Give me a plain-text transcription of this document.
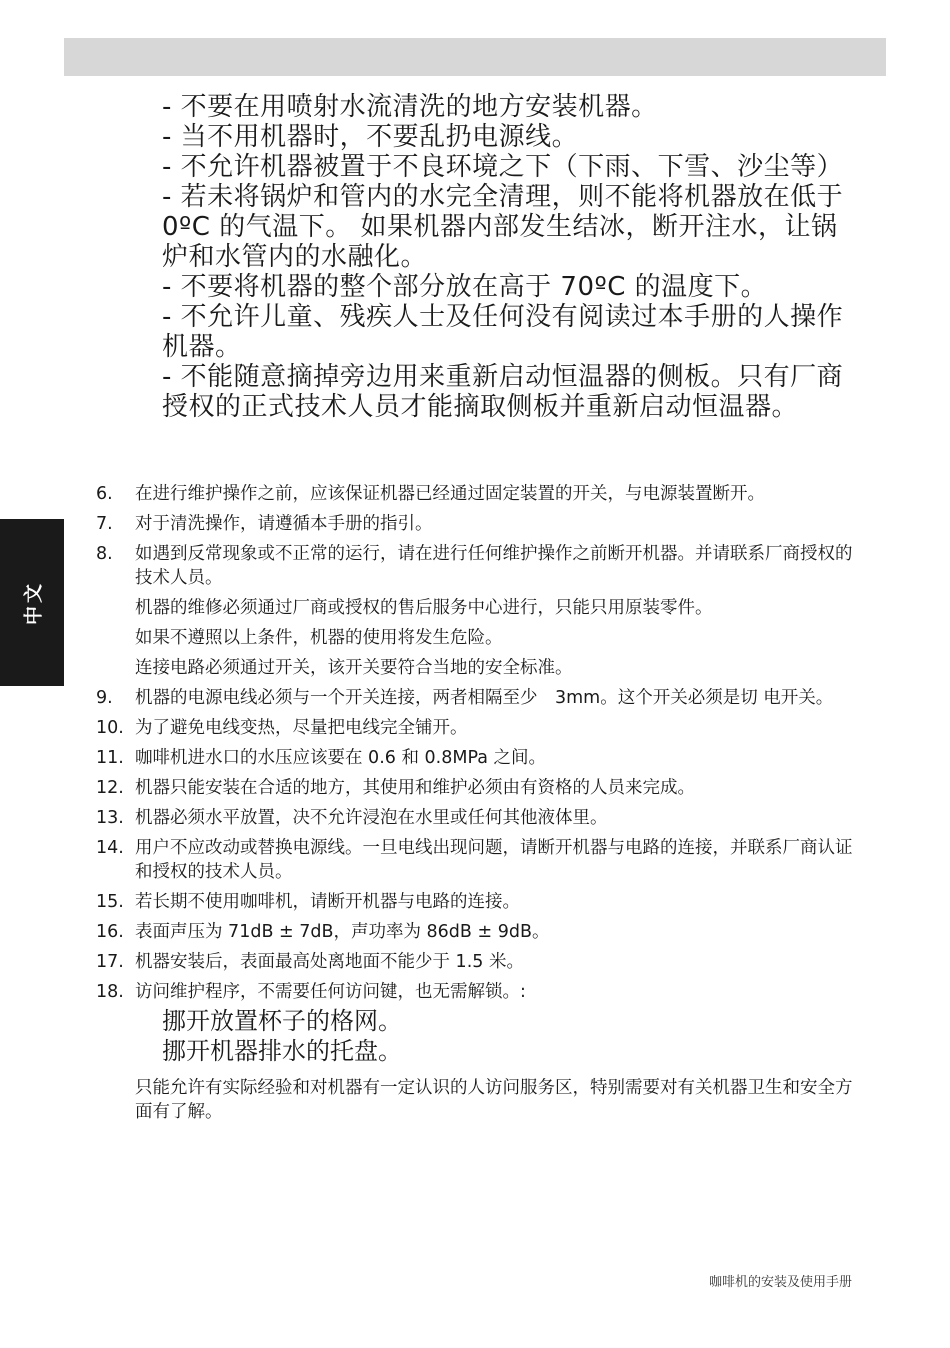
中文

- 不要在用喷射水流清洗的地方安装机器。

- 当不用机器时，不要乱扔电源线。

- 不允许机器被置于不良环境之下（下雨、下雪、沙尘等）

- 若未将锅炉和管内的水完全清理，则不能将机器放在低于 0ºC 的气温下。 如果机器内部发生结冰，断开注水，让锅炉和水管内的水融化。

- 不要将机器的整个部分放在高于 70ºC 的温度下。

- 不允许儿童、残疾人士及任何没有阅读过本手册的人操作机器。

- 不能随意摘掉旁边用来重新启动恒温器的侧板。只有厂商授权的正式技术人员才能摘取侧板并重新启动恒温器。

6. 在进行维护操作之前，应该保证机器已经通过固定装置的开关，与电源装置断开。
7. 对于清洗操作，请遵循本手册的指引。
8. 如遇到反常现象或不正常的运行，请在进行任何维护操作之前断开机器。并请联系厂商授权的技术人员。
机器的维修必须通过厂商或授权的售后服务中心进行，只能只用原装零件。
如果不遵照以上条件，机器的使用将发生危险。
连接电路必须通过开关，该开关要符合当地的安全标准。
9. 机器的电源电线必须与一个开关连接，两者相隔至少　3mm。这个开关必须是切 电开关。
10. 为了避免电线变热，尽量把电线完全铺开。
11. 咖啡机进水口的水压应该要在 0.6 和 0.8MPa 之间。
12. 机器只能安装在合适的地方，其使用和维护必须由有资格的人员来完成。
13. 机器必须水平放置，决不允许浸泡在水里或任何其他液体里。
14. 用户不应改动或替换电源线。一旦电线出现问题，请断开机器与电路的连接，并联系厂商认证和授权的技术人员。
15. 若长期不使用咖啡机，请断开机器与电路的连接。
16. 表面声压为 71dB ± 7dB，声功率为 86dB ± 9dB。
17. 机器安装后，表面最高处离地面不能少于 1.5 米。
18. 访问维护程序，不需要任何访问键，也无需解锁。:
挪开放置杯子的格网。
挪开机器排水的托盘。
只能允许有实际经验和对机器有一定认识的人访问服务区，特别需要对有关机器卫生和安全方面有了解。
咖啡机的安装及使用手册
